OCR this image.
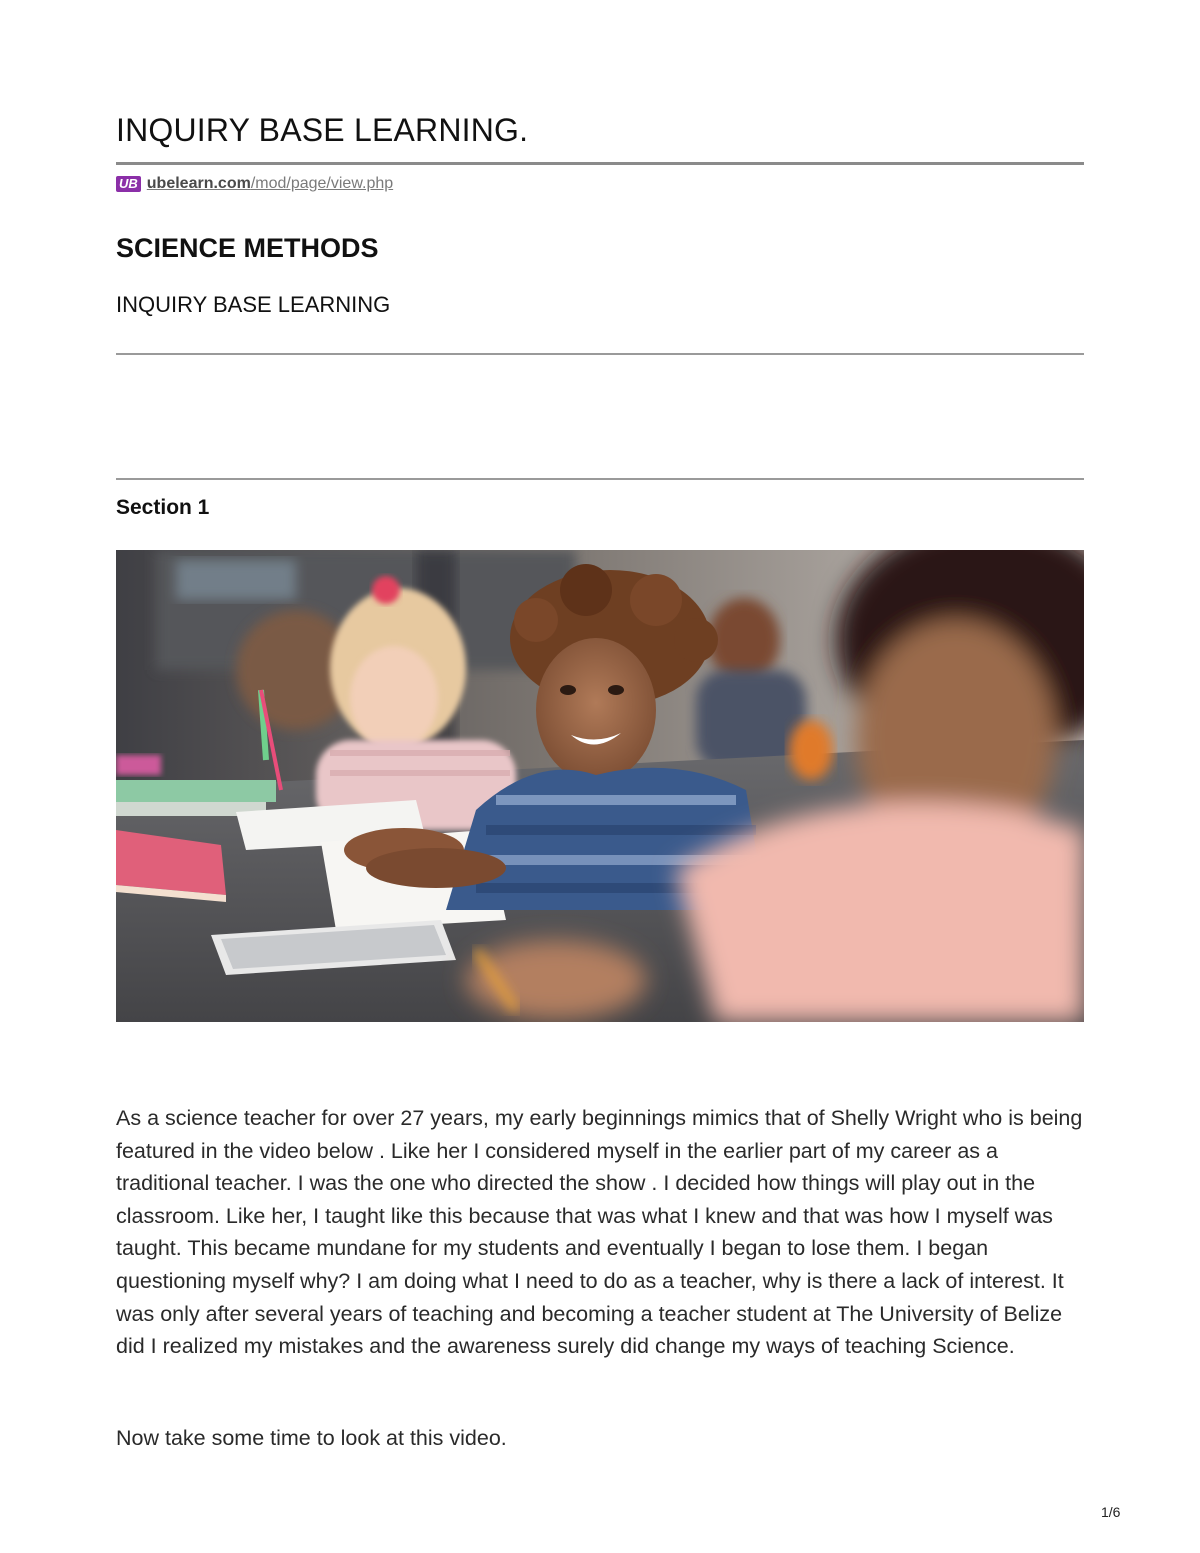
INQUIRY BASE LEARNING.
UB ubelearn.com/mod/page/view.php
SCIENCE METHODS
INQUIRY BASE LEARNING
Section 1

As a science teacher for over 27 years, my early beginnings mimics that of Shelly Wright who is being featured in the video below . Like her I considered myself in the earlier part of my career as a traditional teacher. I was the one who directed the show . I decided how things will play out in the classroom. Like her, I taught like this because that was what I knew and that was how I myself was taught. This became mundane for my students and eventually I began to lose them. I began questioning myself why? I am doing what I need to do as a teacher, why is there a lack of interest. It was only after several years of teaching and becoming a teacher student at The University of Belize did I realized my mistakes and the awareness surely did change my ways of teaching Science.

Now take some time to look at this video.

1/6
